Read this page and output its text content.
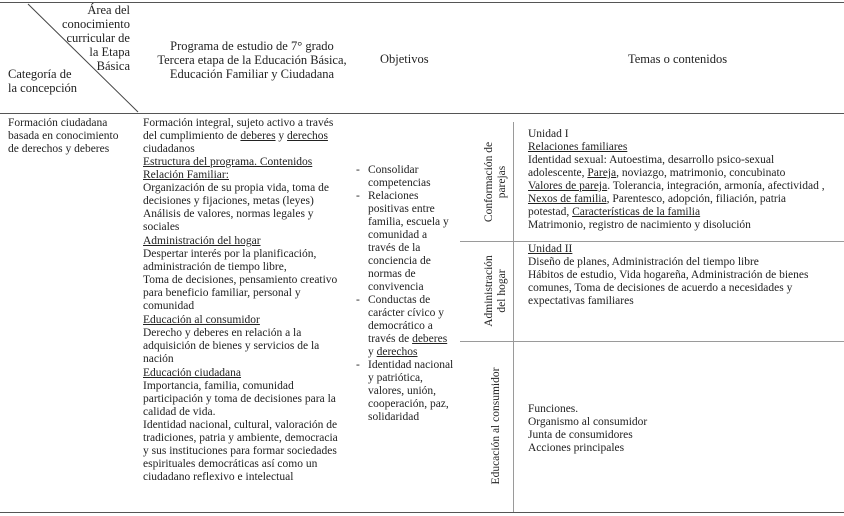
Área del
conocimiento
curricular de
la Etapa
Básica
Categoría de
la concepción
Programa de estudio de 7° grado
Tercera etapa de la Educación Básica,
Educación Familiar y Ciudadana
Objetivos	Temas o contenidos
Formación ciudadana
basada en conocimiento
de derechos y deberes
Formación integral, sujeto activo a través
del cumplimiento de deberes y derechos
ciudadanos
Estructura del programa. Contenidos
Relación Familiar:
Organización de su propia vida, toma de
decisiones y fijaciones, metas (leyes)
Análisis de valores, normas legales y
sociales
Administración del hogar
Despertar interés por la planificación,
administración de tiempo libre,
Toma de decisiones, pensamiento creativo
para beneficio familiar, personal y
comunidad
Educación al consumidor
Derecho y deberes en relación a la
adquisición de bienes y servicios de la
nación
Educación ciudadana
Importancia, familia, comunidad
participación y toma de decisiones para la
calidad de vida.
Identidad nacional, cultural, valoración de
tradiciones, patria y ambiente, democracia
y sus instituciones para formar sociedades
espirituales democráticas así como un
ciudadano reflexivo e intelectual
- Consolidar
competencias
- Relaciones
positivas entre
familia, escuela y
comunidad a
través de la
conciencia de
normas de
convivencia
- Conductas de
carácter cívico y
democrático a
través de deberes
y derechos
- Identidad nacional
y patriótica,
valores, unión,
cooperación, paz,
solidaridad
Conformación de parejas
Administración del hogar
Educación al consumidor
Unidad I
Relaciones familiares
Identidad sexual: Autoestima, desarrollo psico-sexual
adolescente, Pareja, noviazgo, matrimonio, concubinato
Valores de pareja. Tolerancia, integración, armonía, afectividad ,
Nexos de familia, Parentesco, adopción, filiación, patria
potestad, Características de la familia
Matrimonio, registro de nacimiento y disolución
Unidad II
Diseño de planes, Administración del tiempo libre
Hábitos de estudio, Vida hogareña, Administración de bienes
comunes, Toma de decisiones de acuerdo a necesidades y
expectativas familiares
Funciones.
Organismo al consumidor
Junta de consumidores
Acciones principales
